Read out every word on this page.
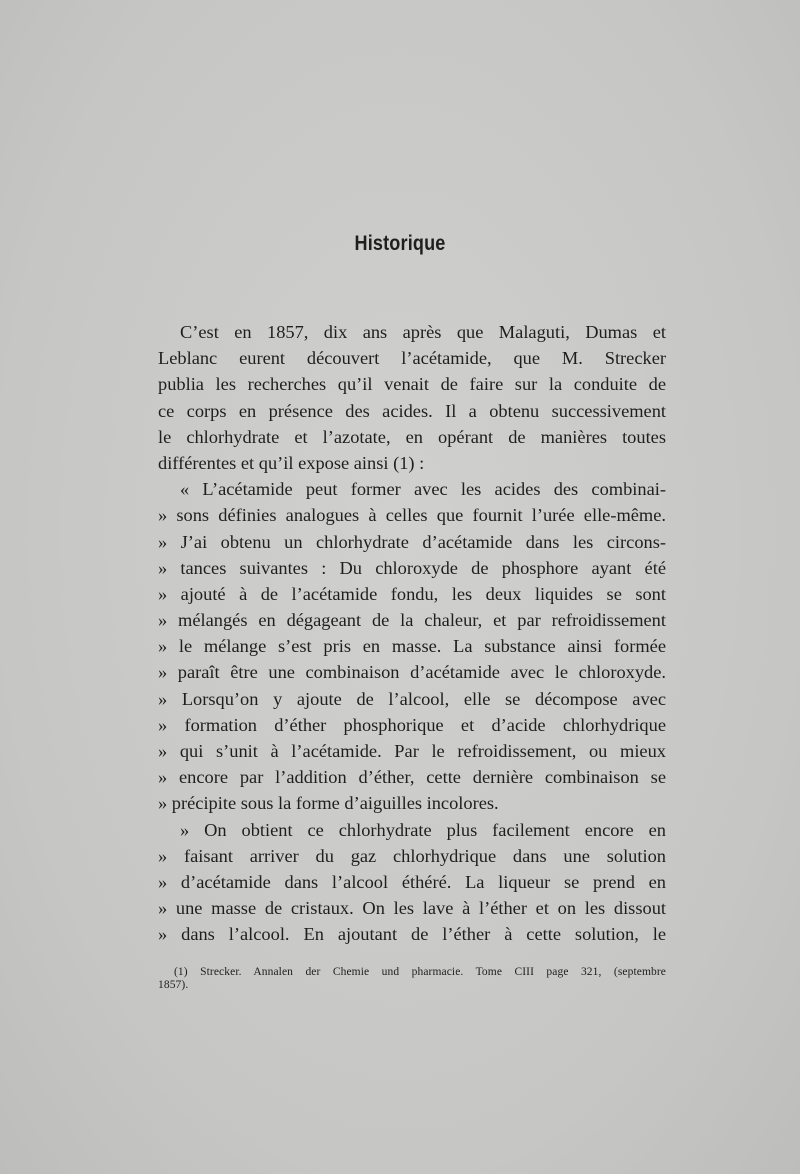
Historique
C’est en 1857, dix ans après que Malaguti, Dumas et
Leblanc eurent découvert l’acétamide, que M. Strecker
publia les recherches qu’il venait de faire sur la conduite de
ce corps en présence des acides. Il a obtenu successivement
le chlorhydrate et l’azotate, en opérant de manières toutes
différentes et qu’il expose ainsi (1) :
« L’acétamide peut former avec les acides des combinai-
» sons définies analogues à celles que fournit l’urée elle-même.
» J’ai obtenu un chlorhydrate d’acétamide dans les circons-
» tances suivantes : Du chloroxyde de phosphore ayant été
» ajouté à de l’acétamide fondu, les deux liquides se sont
» mélangés en dégageant de la chaleur, et par refroidissement
» le mélange s’est pris en masse. La substance ainsi formée
» paraît être une combinaison d’acétamide avec le chloroxyde.
» Lorsqu’on y ajoute de l’alcool, elle se décompose avec
» formation d’éther phosphorique et d’acide chlorhydrique
» qui s’unit à l’acétamide. Par le refroidissement, ou mieux
» encore par l’addition d’éther, cette dernière combinaison se
» précipite sous la forme d’aiguilles incolores.
» On obtient ce chlorhydrate plus facilement encore en
» faisant arriver du gaz chlorhydrique dans une solution
» d’acétamide dans l’alcool éthéré. La liqueur se prend en
» une masse de cristaux. On les lave à l’éther et on les dissout
» dans l’alcool. En ajoutant de l’éther à cette solution, le
(1) Strecker. Annalen der Chemie und pharmacie. Tome CIII page 321, (septembre
1857).
